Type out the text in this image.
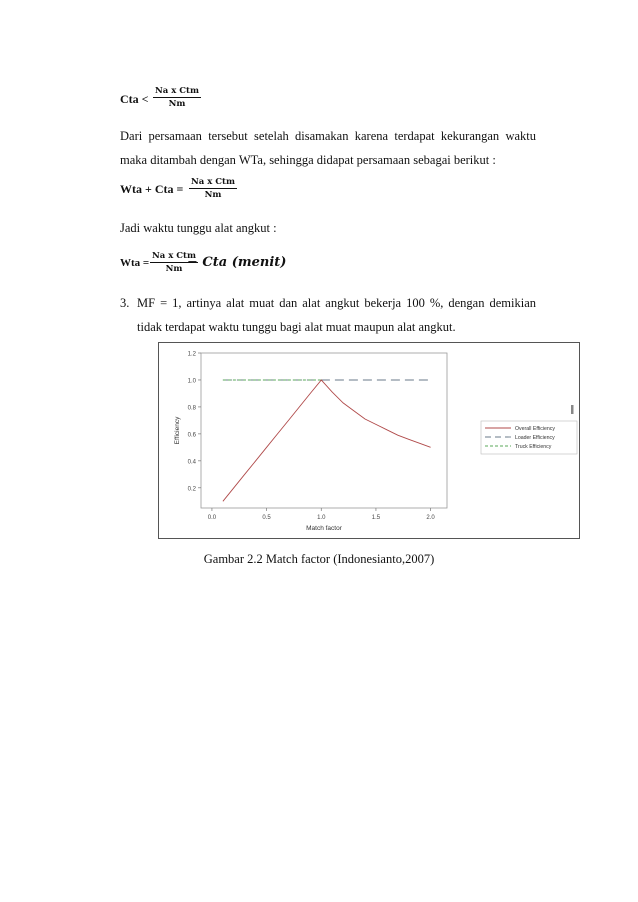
Cta <
Na x Ctm
Nm
Dari persamaan tersebut setelah disamakan karena terdapat kekurangan waktu
maka ditambah dengan WTa, sehingga didapat persamaan sebagai berikut :
Wta + Cta = Na x Ctm
Nm
Jadi waktu tunggu alat angkut :
Wta =
Na x Ctm
Nm − Cta (menit)
3. MF = 1, artinya alat muat dan alat angkut bekerja 100 %, dengan demikian
tidak terdapat waktu tunggu bagi alat muat maupun alat angkut.
0.2
0.4
0.6
0.8
1.0
1.2
0.0	0.5	1.0	1.5	2.0
Match factor
Efficiency	Overall Efficiency
Loader Efficiency
Truck Efficiency
Gambar 2.2 Match factor (Indonesianto,2007)
